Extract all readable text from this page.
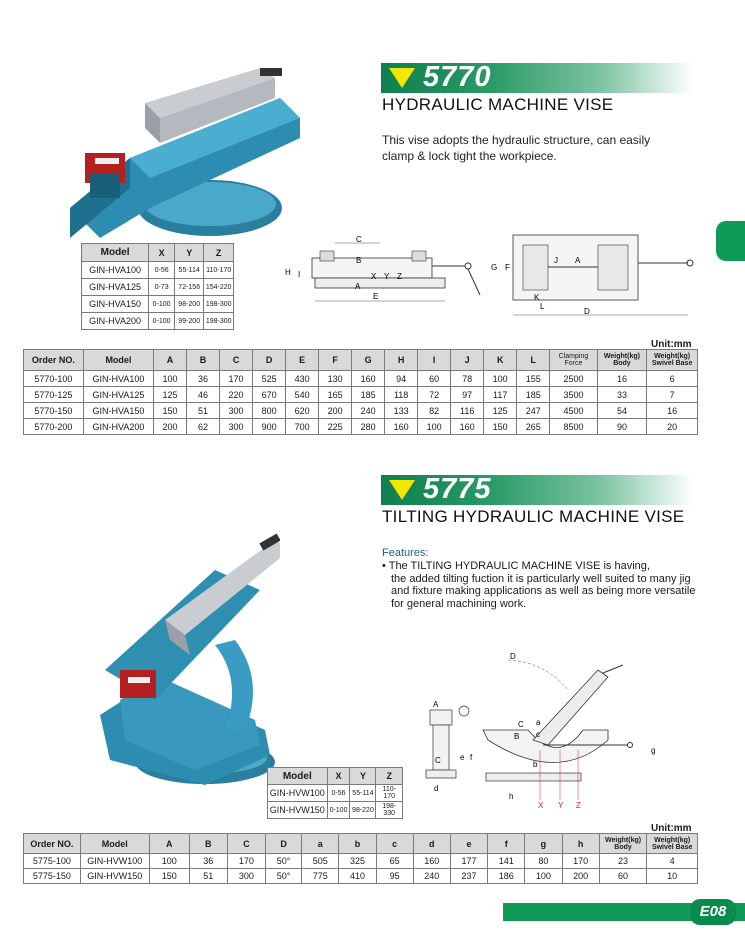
5770
HYDRAULIC MACHINE VISE
This vise adopts the hydraulic structure, can easily
clamp & lock tight the workpiece.
Model	X	Y	Z
GIN-HVA100	0-56	55-114	110-170
GIN-HVA125	0-73	72-156	154-220
GIN-HVA150	0-100	98-200	198-300
GIN-HVA200	0-100	99-200	198-300
C
B
H I	X Y Z
A
E
G F
J A
K
L
D
Unit:mm
Order NO.	Model	A	B	C	D	E	F	G	H	I	J	K	L	Clamping Force	Weight(kg) Body	Weight(kg) Swivel Base
5770-100	GIN-HVA100	100	36	170	525	430	130	160	94	60	78	100	155	2500	16	6
5770-125	GIN-HVA125	125	46	220	670	540	165	185	118	72	97	117	185	3500	33	7
5770-150	GIN-HVA150	150	51	300	800	620	200	240	133	82	116	125	247	4500	54	16
5770-200	GIN-HVA200	200	62	300	900	700	225	280	160	100	160	150	265	8500	90	20
5775
TILTING HYDRAULIC MACHINE VISE
Features:
• The TILTING HYDRAULIC MACHINE VISE is having,
the added tilting fuction it is particularly well suited to many jig
and fixture making applications as well as being more versatile
for general machining work.
Model	X	Y	Z
GIN-HVW100	0-56	55-114	110-170
GIN-HVW150	0-100	98-220	198-330
A
C
d
D
C a
c
B
e f
b
h
g
X Y Z
Unit:mm
Order NO.	Model	A	B	C	D	a	b	c	d	e	f	g	h	Weight(kg) Body	Weight(kg) Swivel Base
5775-100	GIN-HVW100	100	36	170	50°	505	325	65	160	177	141	80	170	23	4
5775-150	GIN-HVW150	150	51	300	50°	775	410	95	240	237	186	100	200	60	10
E08
